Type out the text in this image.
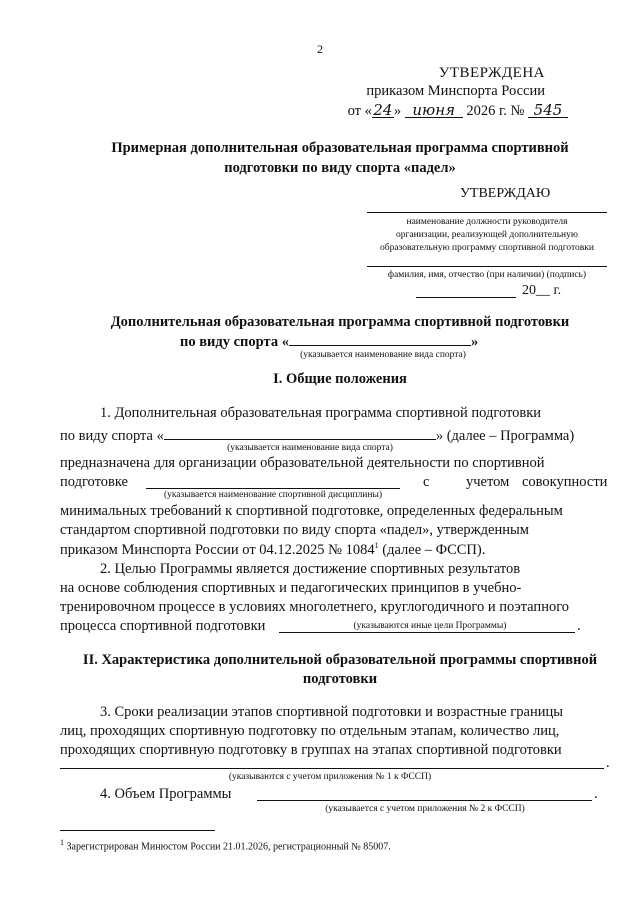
2
УТВЕРЖДЕНА
приказом Минспорта России
от «24» июня 2026 г. № 545
Примерная дополнительная образовательная программа спортивной
подготовки по виду спорта «падел»
УТВЕРЖДАЮ
наименование должности руководителя
организации, реализующей дополнительную
образовательную программу спортивной подготовки
фамилия, имя, отчество (при наличии) (подпись)
20__ г.
Дополнительная образовательная программа спортивной подготовки
по виду спорта «	»
(указывается наименование вида спорта)
I. Общие положения
1. Дополнительная образовательная программа спортивной подготовки
по виду спорта «	» (далее – Программа)
(указывается наименование вида спорта)
предназначена для организации образовательной деятельности по спортивной
подготовке	с	учетом совокупности
(указывается наименование спортивной дисциплины)
минимальных требований к спортивной подготовке, определенных федеральным
стандартом спортивной подготовки по виду спорта «падел», утвержденным
приказом Минспорта России от 04.12.2025 № 1084$^1$ (далее – ФССП).
2. Целью Программы является достижение спортивных результатов
на основе соблюдения спортивных и педагогических принципов в учебно-
тренировочном процессе в условиях многолетнего, круглогодичного и поэтапного
процесса спортивной подготовки	.
(указываются иные цели Программы)
II. Характеристика дополнительной образовательной программы спортивной
подготовки
3. Сроки реализации этапов спортивной подготовки и возрастные границы
лиц, проходящих спортивную подготовку по отдельным этапам, количество лиц,
проходящих спортивную подготовку в группах на этапах спортивной подготовки
.
(указываются с учетом приложения № 1 к ФССП)
4. Объем Программы	.
(указывается с учетом приложения № 2 к ФССП)
$^1$ Зарегистрирован Минюстом России 21.01.2026, регистрационный № 85007.
